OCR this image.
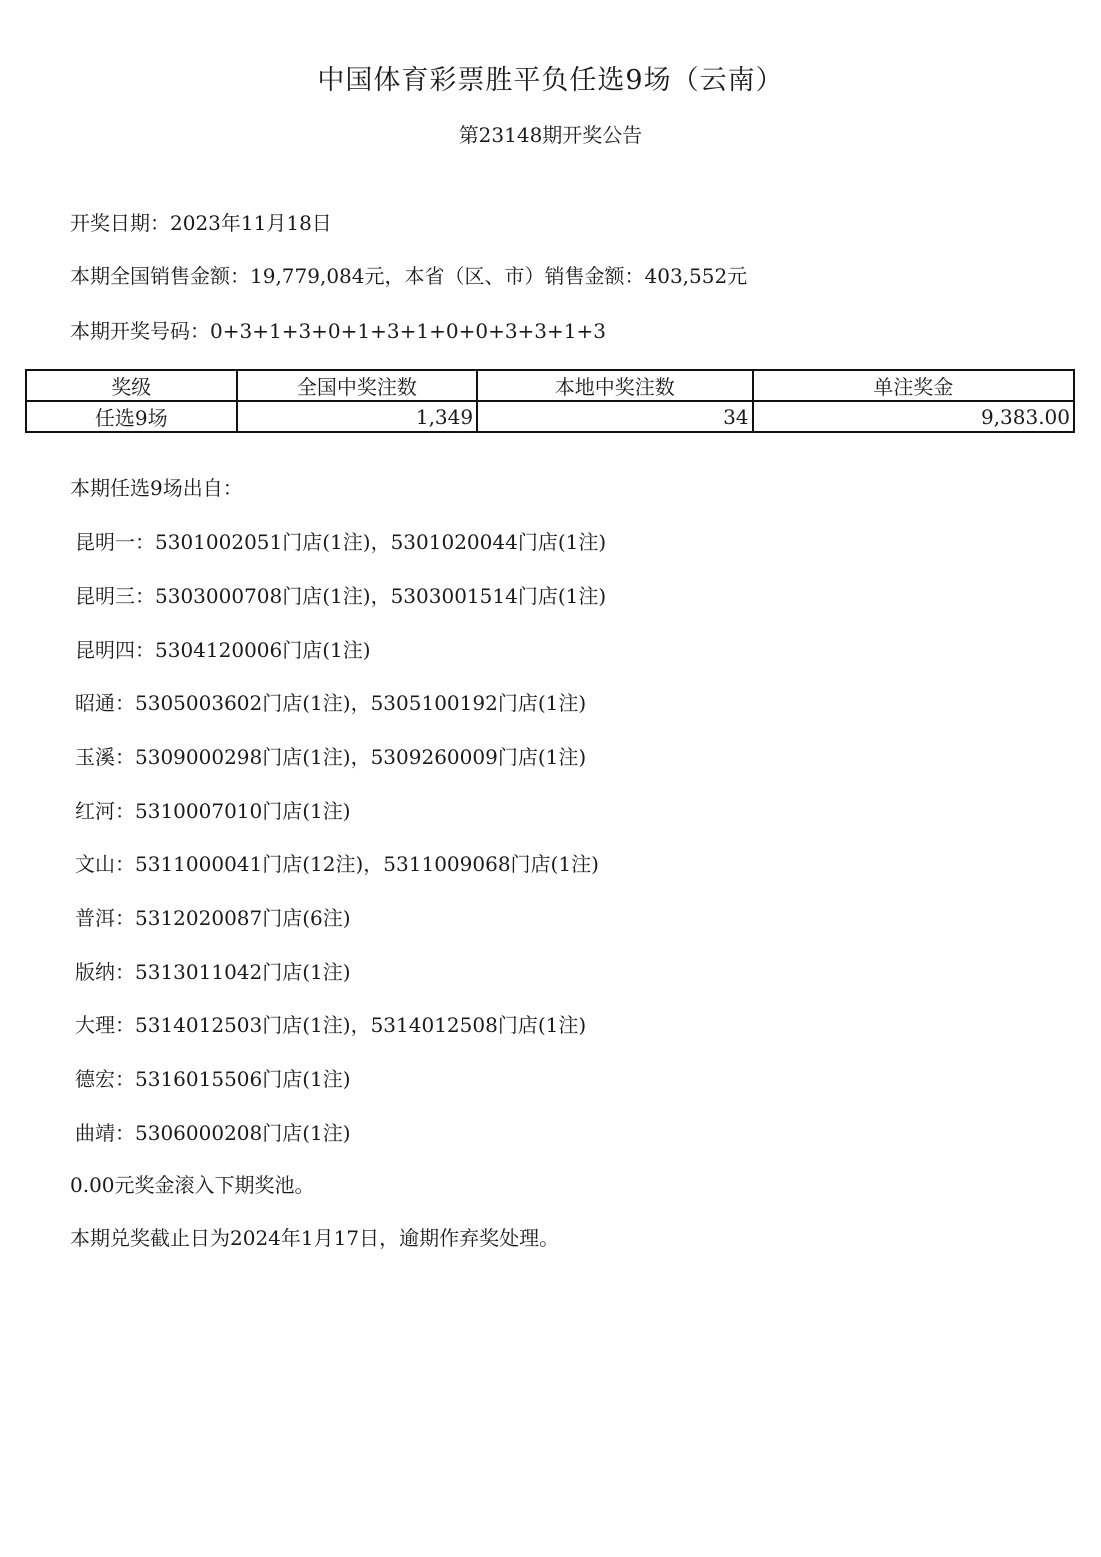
中国体育彩票胜平负任选9场（云南）
第23148期开奖公告
开奖日期：2023年11月18日
本期全国销售金额：19,779,084元，本省（区、市）销售金额：403,552元
本期开奖号码：0+3+1+3+0+1+3+1+0+0+3+3+1+3
奖级	全国中奖注数	本地中奖注数	单注奖金
任选9场	1,349	34	9,383.00
本期任选9场出自：
昆明一：5301002051门店(1注)，5301020044门店(1注)
昆明三：5303000708门店(1注)，5303001514门店(1注)
昆明四：5304120006门店(1注)
昭通：5305003602门店(1注)，5305100192门店(1注)
玉溪：5309000298门店(1注)，5309260009门店(1注)
红河：5310007010门店(1注)
文山：5311000041门店(12注)，5311009068门店(1注)
普洱：5312020087门店(6注)
版纳：5313011042门店(1注)
大理：5314012503门店(1注)，5314012508门店(1注)
德宏：5316015506门店(1注)
曲靖：5306000208门店(1注)
0.00元奖金滚入下期奖池。
本期兑奖截止日为2024年1月17日，逾期作弃奖处理。
